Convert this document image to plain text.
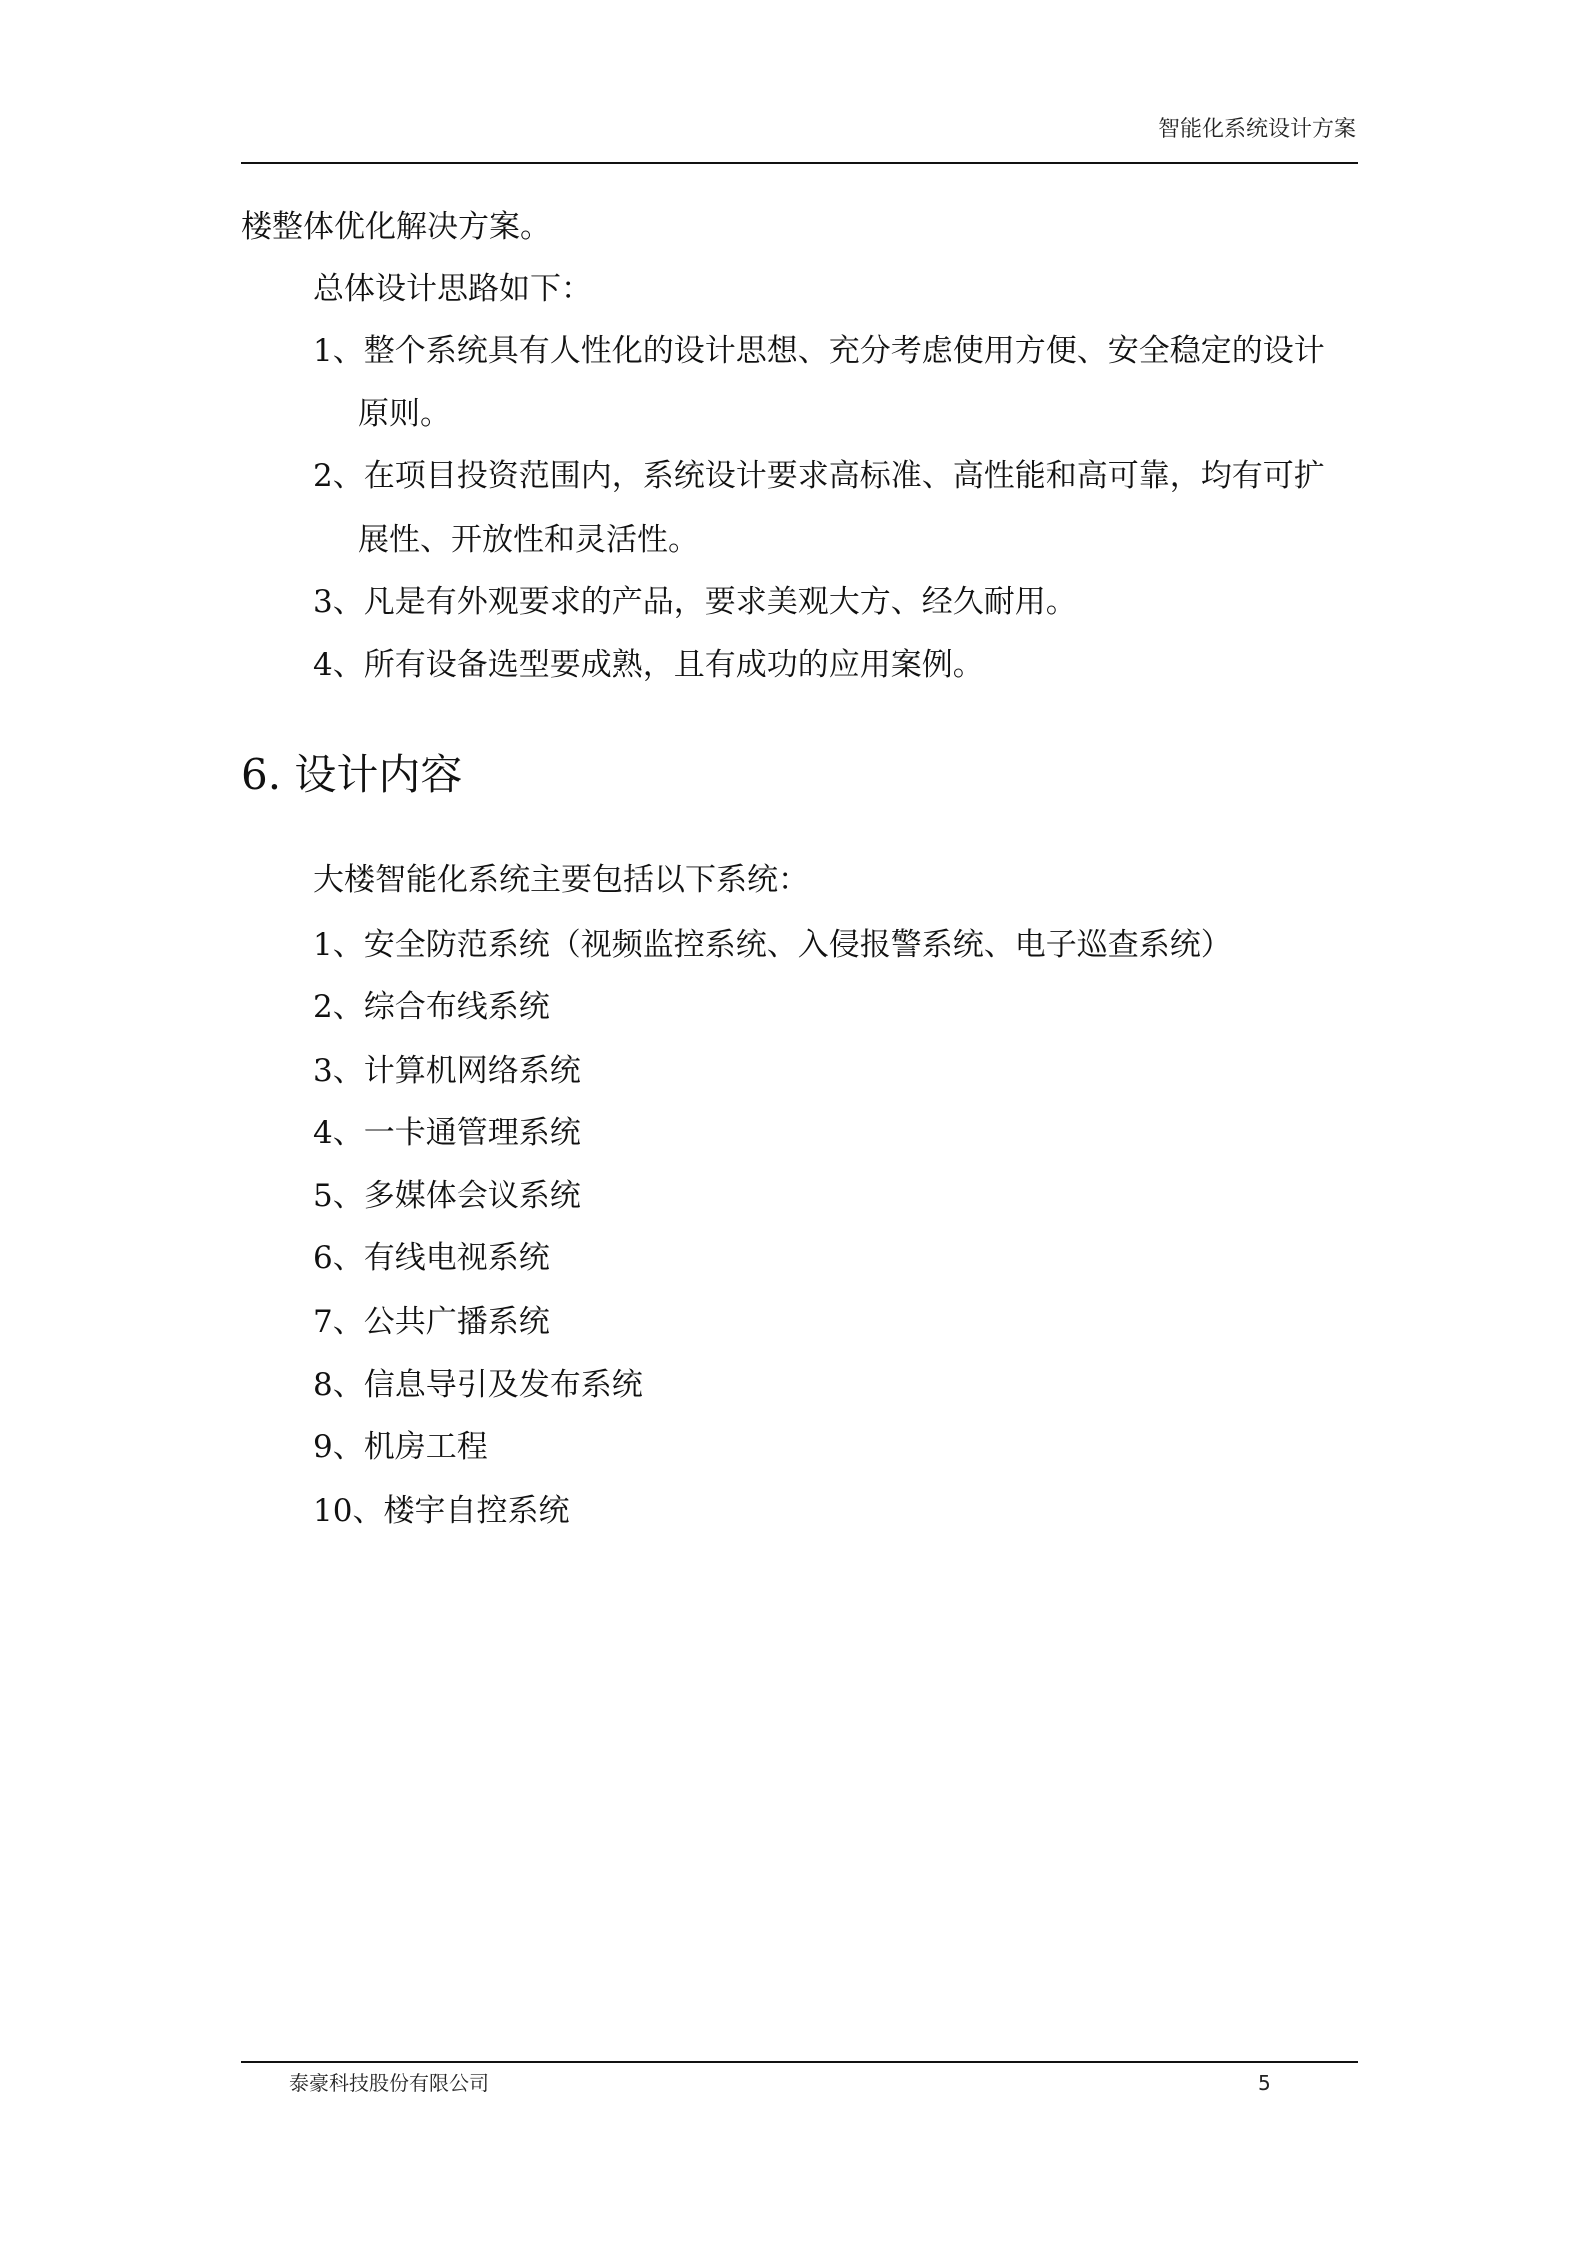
智能化系统设计方案
楼整体优化解决方案。
总体设计思路如下：
1、整个系统具有人性化的设计思想、充分考虑使用方便、安全稳定的设计
原则。
2、在项目投资范围内，系统设计要求高标准、高性能和高可靠，均有可扩
展性、开放性和灵活性。
3、凡是有外观要求的产品，要求美观大方、经久耐用。
4、所有设备选型要成熟，且有成功的应用案例。
6. 设计内容
大楼智能化系统主要包括以下系统：
1、安全防范系统（视频监控系统、入侵报警系统、电子巡查系统）
2、综合布线系统
3、计算机网络系统
4、一卡通管理系统
5、多媒体会议系统
6、有线电视系统
7、公共广播系统
8、信息导引及发布系统
9、机房工程
10、楼宇自控系统
泰豪科技股份有限公司	5
